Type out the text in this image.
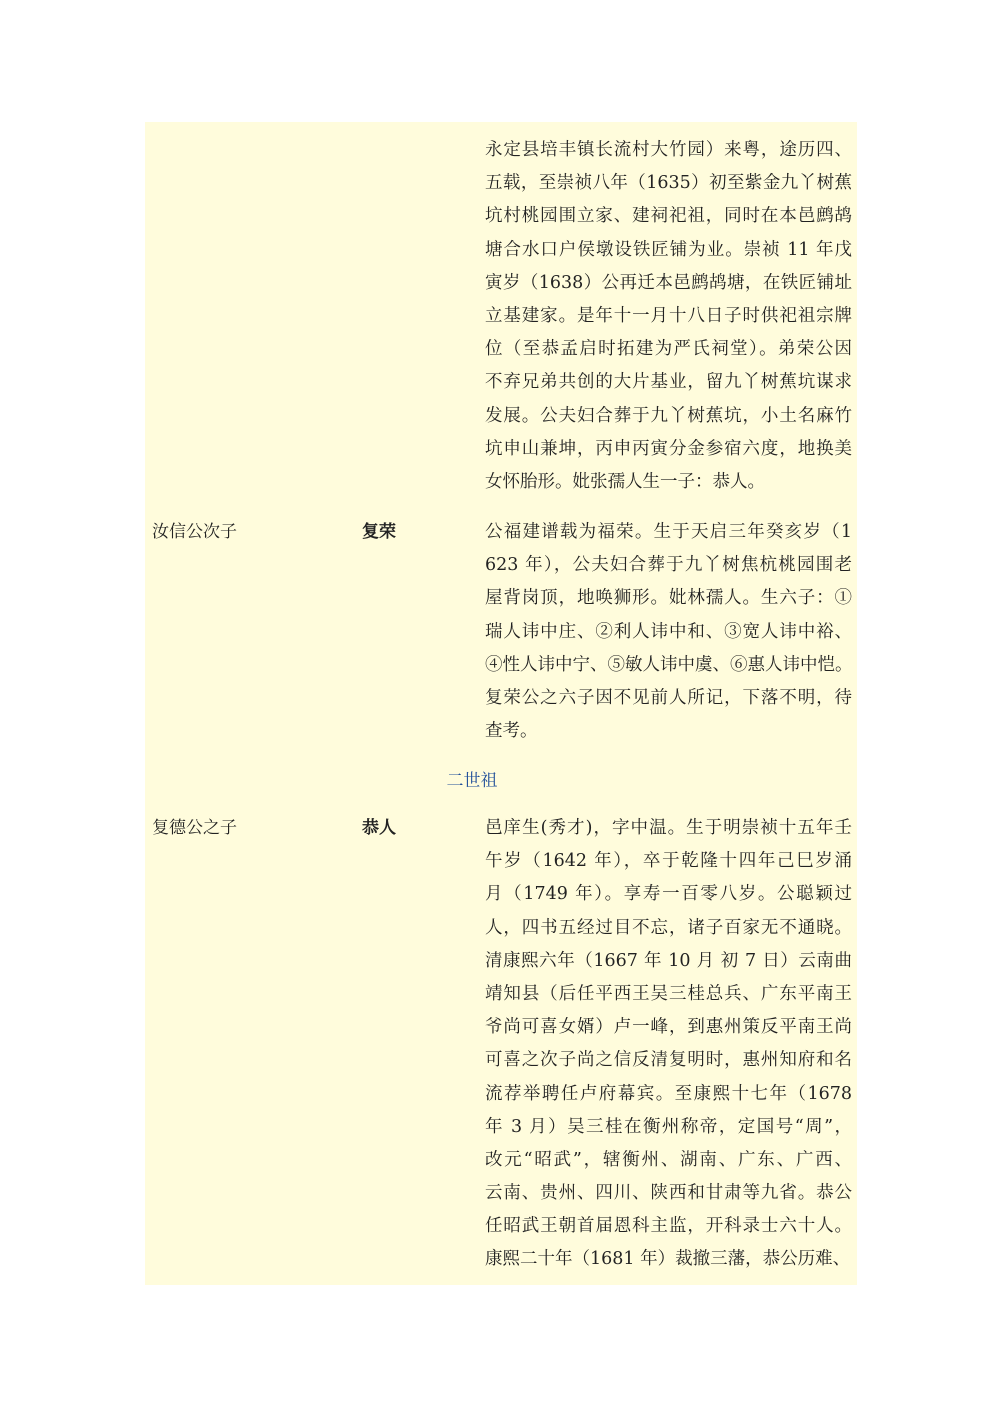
永定县培丰镇长流村大竹园）来粤，途历四、
五载，至崇祯八年（1635）初至紫金九丫树蕉
坑村桃园围立家、建祠祀祖，同时在本邑鹧鸪
塘合水口户侯墩设铁匠铺为业。崇祯 11 年戊
寅岁（1638）公再迁本邑鹧鸪塘，在铁匠铺址
立基建家。是年十一月十八日子时供祀祖宗牌
位（至恭孟启时拓建为严氏祠堂）。弟荣公因
不弃兄弟共创的大片基业，留九丫树蕉坑谋求
发展。公夫妇合葬于九丫树蕉坑，小土名麻竹
坑申山兼坤，丙申丙寅分金参宿六度，地换美
女怀胎形。妣张孺人生一子：恭人。
汝信公次子	复荣	公福建谱载为福荣。生于天启三年癸亥岁（1
623 年），公夫妇合葬于九丫树焦杭桃园围老
屋背岗顶，地唤狮形。妣林孺人。生六子：①
瑞人讳中庄、②利人讳中和、③宽人讳中裕、
④性人讳中宁、⑤敏人讳中虞、⑥惠人讳中恺。
复荣公之六子因不见前人所记，下落不明，待
查考。
二世祖
复德公之子	恭人	邑庠生(秀才)，字中温。生于明崇祯十五年壬
午岁（1642 年），卒于乾隆十四年己巳岁涌
月（1749 年）。享寿一百零八岁。公聪颖过
人，四书五经过目不忘，诸子百家无不通晓。
清康熙六年（1667 年 10 月 初 7 日）云南曲
靖知县（后任平西王吴三桂总兵、广东平南王
爷尚可喜女婿）卢一峰，到惠州策反平南王尚
可喜之次子尚之信反清复明时，惠州知府和名
流荐举聘任卢府幕宾。至康熙十七年（1678
年 3 月）吴三桂在衡州称帝，定国号“周”，
改元“昭武”，辖衡州、湖南、广东、广西、
云南、贵州、四川、陕西和甘肃等九省。恭公
任昭武王朝首届恩科主监，开科录士六十人。
康熙二十年（1681 年）裁撤三藩，恭公历难、
